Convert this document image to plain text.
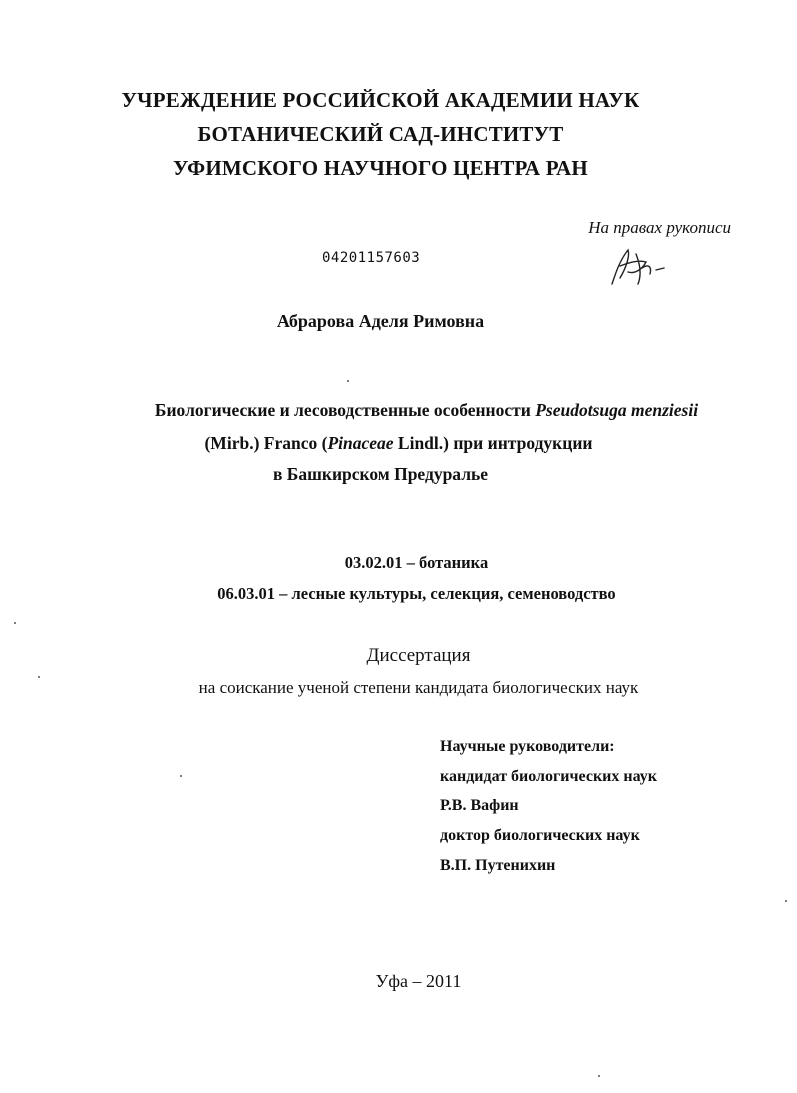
УЧРЕЖДЕНИЕ РОССИЙСКОЙ АКАДЕМИИ НАУК
БОТАНИЧЕСКИЙ САД-ИНСТИТУТ
УФИМСКОГО НАУЧНОГО ЦЕНТРА РАН
На правах рукописи
04201157603
Абрарова Аделя Римовна
Биологические и лесоводственные особенности Pseudotsuga menziesii
(Mirb.) Franco (Pinaceae Lindl.) при интродукции
в Башкирском Предуралье
03.02.01 – ботаника
06.03.01 – лесные культуры, селекция, семеноводство
Диссертация
на соискание ученой степени кандидата биологических наук
Научные руководители:
кандидат биологических наук
Р.В. Вафин
доктор биологических наук
В.П. Путенихин
Уфа – 2011
